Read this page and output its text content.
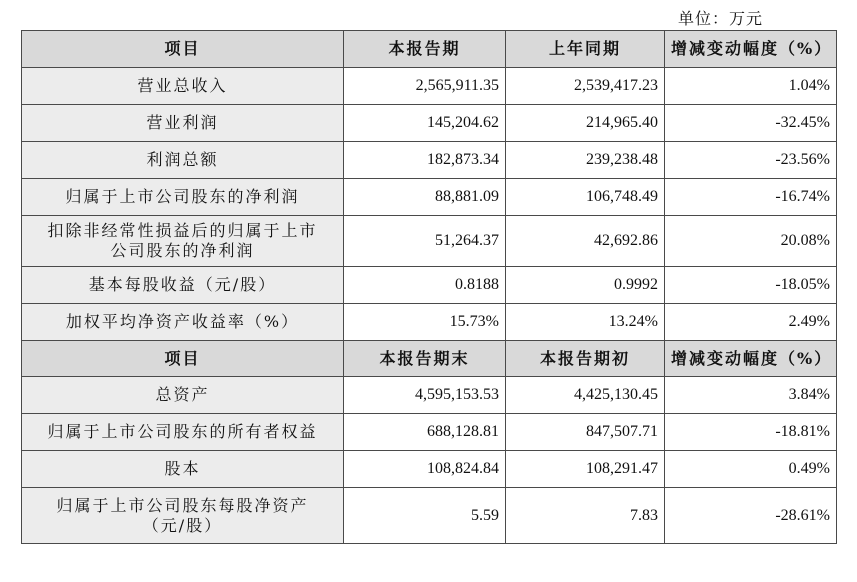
单位：万元
项目	本报告期	上年同期	增减变动幅度（%）
营业总收入	2,565,911.35	2,539,417.23	1.04%
营业利润	145,204.62	214,965.40	-32.45%
利润总额	182,873.34	239,238.48	-23.56%
归属于上市公司股东的净利润	88,881.09	106,748.49	-16.74%

扣除非经常性损益后的归属于上市
公司股东的净利润	51,264.37	42,692.86	20.08%
基本每股收益（元/股）	0.8188	0.9992	-18.05%
加权平均净资产收益率（%）	15.73%	13.24%	2.49%
项目	本报告期末	本报告期初	增减变动幅度（%）
总资产	4,595,153.53	4,425,130.45	3.84%
归属于上市公司股东的所有者权益	688,128.81	847,507.71	-18.81%
股本	108,824.84	108,291.47	0.49%

归属于上市公司股东每股净资产
（元/股）	5.59	7.83	-28.61%
